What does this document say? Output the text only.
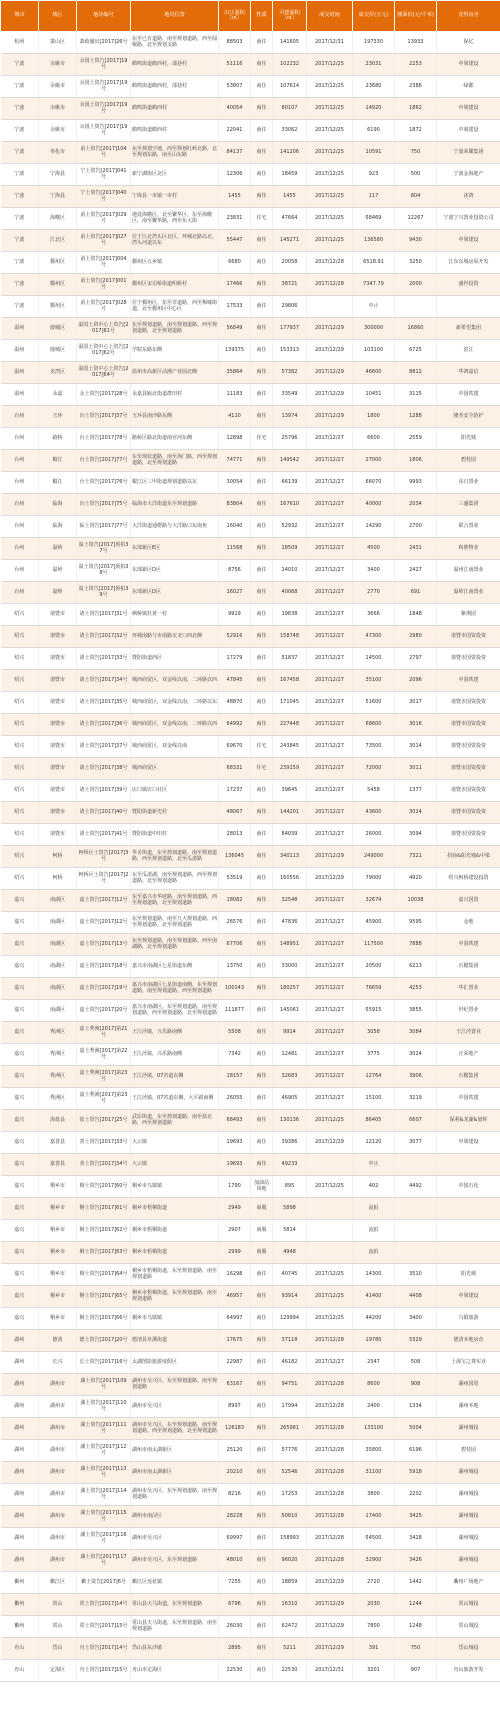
城市	城区	地块编号	地块位置	出让面积（㎡）	性质	可建面积（㎡）	成交时间	成交价(万元)	楼面价(元/平米)	竞得房企
杭州	萧山区	萧政储出[2017]26号	东至已有道路，南至规划道路，西至闻堰路，北至规划支路	88503	商住	141605	2017/12/31	197330	13933	保亿
宁波	余姚市	余国土资告[2017]19号	鹤鸣街道鹤西村，邵巷村	51116	商住	102232	2017/12/25	23031	2253	中梁建设
宁波	余姚市	余国土资告[2017]19号	鹤鸣街道鹤西村，邵巷村	53807	商住	107614	2017/12/25	23680	2386	绿都
宁波	余姚市	余国土资告[2017]19号	鹤鸣街道鹤西村	40054	商住	80107	2017/12/25	14920	1862	中梁建设
宁波	余姚市	余国土资告[2017]19号	鹤鸣街道鹤西村	22041	商住	33062	2017/12/25	6190	1872	中梁建设
宁波	奉化市	甬土资告[2017]104号	东至规划空地，西至规划红岭北路，北至规划东路，南至山东路	84137	商住	141206	2017/12/25	10591	750	宁波荣耀集团
宁波	宁海县	宁土资告[2017]041号	新宁湖街区北区	12306	商住	18459	2017/12/25	923	500	宁波金海地产
宁波	宁海县	宁土资告[2017]040号	宁海县一市镇一市村	1455	商住	1455	2017/12/25	117	804	沐鸿
宁波	海曙区	甬土资告[2017]029号	地处海曙区，北至繁华区，东至海曙区，南至繁华路，西至东大街	23831	住宅	47664	2017/12/25	58469	12267	宁波宁兴置业投资公司
宁波	江北区	甬土资告[2017]027号	位于江北湾头区北区，环城北路以北，湾头河道以东	55447	商住	145271	2017/12/25	136580	9430	中梁建设
宁波	鄞州区	甬土资告[2017]004号	鄞州区五乡镇	6680	商住	20058	2017/12/28	6518.91	3250	江东东城房屋开发
宁波	鄞州区	甬土资告[2017]001号	鄞州区宋诏桥街道明桥村	17466	商住	38721	2017/12/28	7347.79	2000	盛世投资
宁波	鄞州区	甬土资告[2017]028号	位于鄞州区，东至非道路，西至梅墟街道，北至鄞州区中心区	17533	商住	29806		中止		
温州	鹿城区	温国土资中心土资告[2017]61号	东至规划道路，南至规划道路，西至规划道路，北至规划道路	56849	商住	177937	2017/12/29	300000	16860	新希望集团
温州	鹿城区	温国土资中心土资告[2017]62号	学院东路东侧	139375	商住	153313	2017/12/29	103100	6725	滨江
温州	龙湾区	温国土资中心土资告[2017]64号	温州市高新区动漫产业园北侧	35864	商住	57382	2017/12/29	46600	8812	华鸿嘉信
温州	永嘉	永土资告[2017]28号	永嘉县瓯北街道群田村	11183	商住	33549	2017/12/29	10451	3115	中国铁建
台州	玉环	台土资告[2017]37号	玉环县南沙路东侧	4110	商住	13974	2017/12/29	1800	1288	隆杰安全防护
台州	路桥	台土资告[2017]78号	路桥区路北街道南官河东侧	12898	住宅	25796	2017/12/27	6600	2559	阳光城
台州	椒江	台土资告[2017]77号	东至现状道路，南至海门路，西至规划道路，北至规划道路	74771	商住	149542	2017/12/27	27000	1806	碧桂园
台州	椒江	台土资告[2017]76号	椒江区三甲街道规划道路以东	30054	商住	66139	2017/12/27	66070	9993	东日置业
台州	临海	台土资告[2017]75号	临海市大洋街道东至规划道路	83804	商住	167610	2017/12/27	40000	2034	三盛集团
台州	临海	临土资告[2017]77号	大洋街道通楞路与大洋路口东南角	16040	商住	52932	2017/12/27	14290	2700	联合置业
台州	温岭	温土资告[2017]预拍37号	东部新区E区	11568	商住	18509	2017/12/27	4500	2431	和胜物业
台州	温岭	温土资告[2017]预拍38号	东部新区D区	8756	商住	14010	2017/12/27	3400	2427	温州江南置业
台州	温岭	温土资告[2017]预拍39号	东部新区D区	16027	商住	40068	2017/12/27	2770	691	温岭江南置业
绍兴	诸暨市	诸土资告[2017]31号	枫桥镇杜黄一村	9919	商住	19838	2017/12/27	3666	1848	紫荆园
绍兴	诸暨市	诸土资告[2017]32号	环城南路与市南路交叉口西北侧	52916	商住	158748	2017/12/27	47300	2980	诸暨市国资投资
绍兴	诸暨市	诸土资告[2017]33号	暨阳街道西区	17279	商住	51837	2017/12/27	14500	2797	诸暨市国资投资
绍兴	诸暨市	诸土资告[2017]34号	城西商贸区，双金线以南，二环路以西	47845	商住	167458	2017/12/27	35100	2096	中国铁建
绍兴	诸暨市	诸土资告[2017]35号	城西商贸区，双金线以南，二环路以东	48870	商住	171045	2017/12/27	51600	3017	诸暨市国资投资
绍兴	诸暨市	诸土资告[2017]36号	城西商贸区，双金线以南，二环路以西	64992	商住	227448	2017/12/27	68600	3016	诸暨市国资投资
绍兴	诸暨市	诸土资告[2017]37号	城西商贸区，双金线以南	69670	住宅	243845	2017/12/27	73500	3014	诸暨市国资投资
绍兴	诸暨市	诸土资告[2017]38号	城西商贸区	68331	住宅	239159	2017/12/27	72000	3011	诸暨市国资投资
绍兴	诸暨市	诸土资告[2017]39号	店口镇店口社区	17237	商住	39645	2017/12/27	5458	1377	诸暨市国资投资
绍兴	诸暨市	诸土资告[2017]40号	暨阳街道新光村	48067	商住	144201	2017/12/27	43600	3024	诸暨市国资投资
绍兴	诸暨市	诸土资告[2017]41号	暨阳街道中田村	28013	商住	84039	2017/12/27	26000	3094	诸暨市国资投资
绍兴	柯桥	柯桥区土资告[2017]3号	华舍街道，东至规划道路，南至规划道路，西至规划道路，北至瓜渚路	136045	商住	340113	2017/12/29	249000	7321	招商&阳光城&中梁
绍兴	柯桥	柯桥区土资告[2017]2号	东至瓜渚湖，南至规划道路，西至规划道路，北至规划道路	53519	商住	160556	2017/12/29	79000	4920	绍兴柯桥建设投资
嘉兴	南湖区	嘉土资告[2017]12号	东至嘉兴市华庭路，南至规划道路，西至规划道路，北至规划道路	18082	商住	32548	2017/12/27	32674	10038	嘉兴国资
嘉兴	南湖区	嘉土资告[2017]12号	东至规划道路，南至九大规划道路，西至规划道路，北至规划道路	26576	商住	47836	2017/12/27	45900	9595	金地
嘉兴	南湖区	嘉土资告[2017]13号	东至规划道路，南至规划道路，西至南湖路，北至规划道路	67706	商住	148951	2017/12/27	117500	7888	中国铁建
嘉兴	南湖区	嘉土资告[2017]18号	嘉兴市南湖区七星街道东侧	13750	商住	33000	2017/12/27	20500	6213	石榴集团
嘉兴	南湖区	嘉土资告[2017]19号	嘉兴市南湖区七星街道南侧，东至规划道路，南至规划道路，西至规划道路	100143	商住	180257	2017/12/27	76659	4253	华汇置业
嘉兴	南湖区	嘉土资告[2017]20号	嘉兴市南湖区，东至规划道路，南至规划道路，西至规划道路，北至规划道路	111877	商住	145061	2017/12/27	55915	3855	世纪置业
嘉兴	秀洲区	嘉土秀洲[2017]第21号	王江泾镇，兴乐路南侧	5508	商住	9914	2017/12/27	3058	3084	王江泾置业
嘉兴	秀洲区	嘉土秀洲[2017]第22号	王江泾镇，兴乐路南侧	7342	商住	12481	2017/12/27	3775	3024	正荣地产
嘉兴	秀洲区	嘉土秀洲[2017]第23号	王江泾镇，07省道东侧	18157	商住	32683	2017/12/27	12764	3906	石榴集团
嘉兴	秀洲区	嘉土秀洲[2017]第23号	王江泾镇，07省道东侧，大平路南侧	26055	商住	46905	2017/12/27	15100	3219	中国铁建
嘉兴	海盐县	盐土资告[2017]25号	武原街道，东至规划道路，南至盐北路，西至规划道路	68493	商住	130136	2017/12/25	86405	6607	保利&龙湖&旭辉
嘉兴	嘉善县	善土资告[2017]33号	大云镇	19693	商住	39386	2017/12/29	12120	3077	中梁建设
嘉兴	嘉善县	善土资告[2017]34号	大云镇	19693	商住	49233		中止		
嘉兴	桐乡市	桐土资告[2017]60号	桐乡市乌镇镇	1790	加油站用地	895	2017/12/25	402	4492	中国石化
嘉兴	桐乡市	桐土资告[2017]61号	桐乡市梧桐街道	2949	商服	5898		流拍		
嘉兴	桐乡市	桐土资告[2017]62号	桐乡市梧桐街道	2907	商服	5814		流拍		
嘉兴	桐乡市	桐土资告[2017]63号	桐乡市梧桐街道	2999	商服	4948		流拍		
嘉兴	桐乡市	桐土资告[2017]64号	桐乡市梧桐街道，东至规划道路，南至规划道路	16298	商住	40745	2017/12/25	14300	3510	阳光城
嘉兴	桐乡市	桐土资告[2017]65号	桐乡市梧桐街道，东至规划道路，南至规划道路	46957	商住	93914	2017/12/25	41400	4408	中梁建设
嘉兴	桐乡市	桐土资告[2017]66号	桐乡市乌镇镇	64997	商住	129994	2017/12/25	44200	3400	乌镇旅游
湖州	德清	德土资告[2017]20号	德清县阜溪街道	17675	商住	37118	2017/12/28	19780	5329	德清本地房企
湖州	长兴	长土资告[2017]16号	太湖图影旅游度假区	22987	商住	46182	2017/12/27	2347	508	上海宝之尊实业
湖州	湖州市	湖土资告[2017]109号	湖州市吴兴区，东至规划道路，南至规划道路	63167	商住	94751	2017/12/28	8600	908	湖州国资
湖州	湖州市	湖土资告[2017]110号	湖州市吴兴区	8997	商住	17994	2017/12/28	2400	1334	湖州本地
湖州	湖州市	湖土资告[2017]111号	湖州市吴兴区，东至规划道路，南至规划道路，西至规划道路，北至规划道路	126183	商住	265981	2017/12/28	133100	5004	湖州城投
湖州	湖州市	湖土资告[2017]112号	湖州市南太湖新区	25120	商住	57776	2017/12/28	35800	6196	碧桂园
湖州	湖州市	湖土资告[2017]113号	湖州市南太湖新区	20210	商住	52546	2017/12/28	31100	5918	湖州城投
湖州	湖州市	湖土资告[2017]114号	湖州市吴兴区，东至规划道路，南至规划道路	8216	商住	17253	2017/12/28	3800	2202	湖州城投
湖州	湖州市	湖土资告[2017]115号	湖州市南浔区	28228	商住	50810	2017/12/28	17400	3425	湖州城投
湖州	湖州市	湖土资告[2017]116号	湖州市吴兴区	69997	商住	158993	2017/12/28	54500	3428	湖州城投
湖州	湖州市	湖土资告[2017]117号	湖州市吴兴区，东至规划道路	48010	商住	96020	2017/12/28	32900	3426	湖州城投
衢州	衢江区	衢土资告[2017]6号	衢江区莲花镇	7255	商住	18859	2017/12/29	2720	1442	衢州广场地产
衢州	常山	常土资告[2017]14号	常山县天马街道，东至规划道路	6796	商住	16310	2017/12/29	2030	1244	常山城投
衢州	常山	常土资告[2017]15号	常山县天马街道，东至规划道路，南至规划道路	26030	商住	62472	2017/12/29	7800	1248	常山城投
舟山	岱山	舟土资告[2017]14号	岱山县东沙镇	2895	商住	5211	2017/12/29	391	750	岱山城投
舟山	定海区	舟土资告[2017]15号	舟山市定海区	22530	商住	22530	2017/12/31	3201	907	舟山旅游开发
